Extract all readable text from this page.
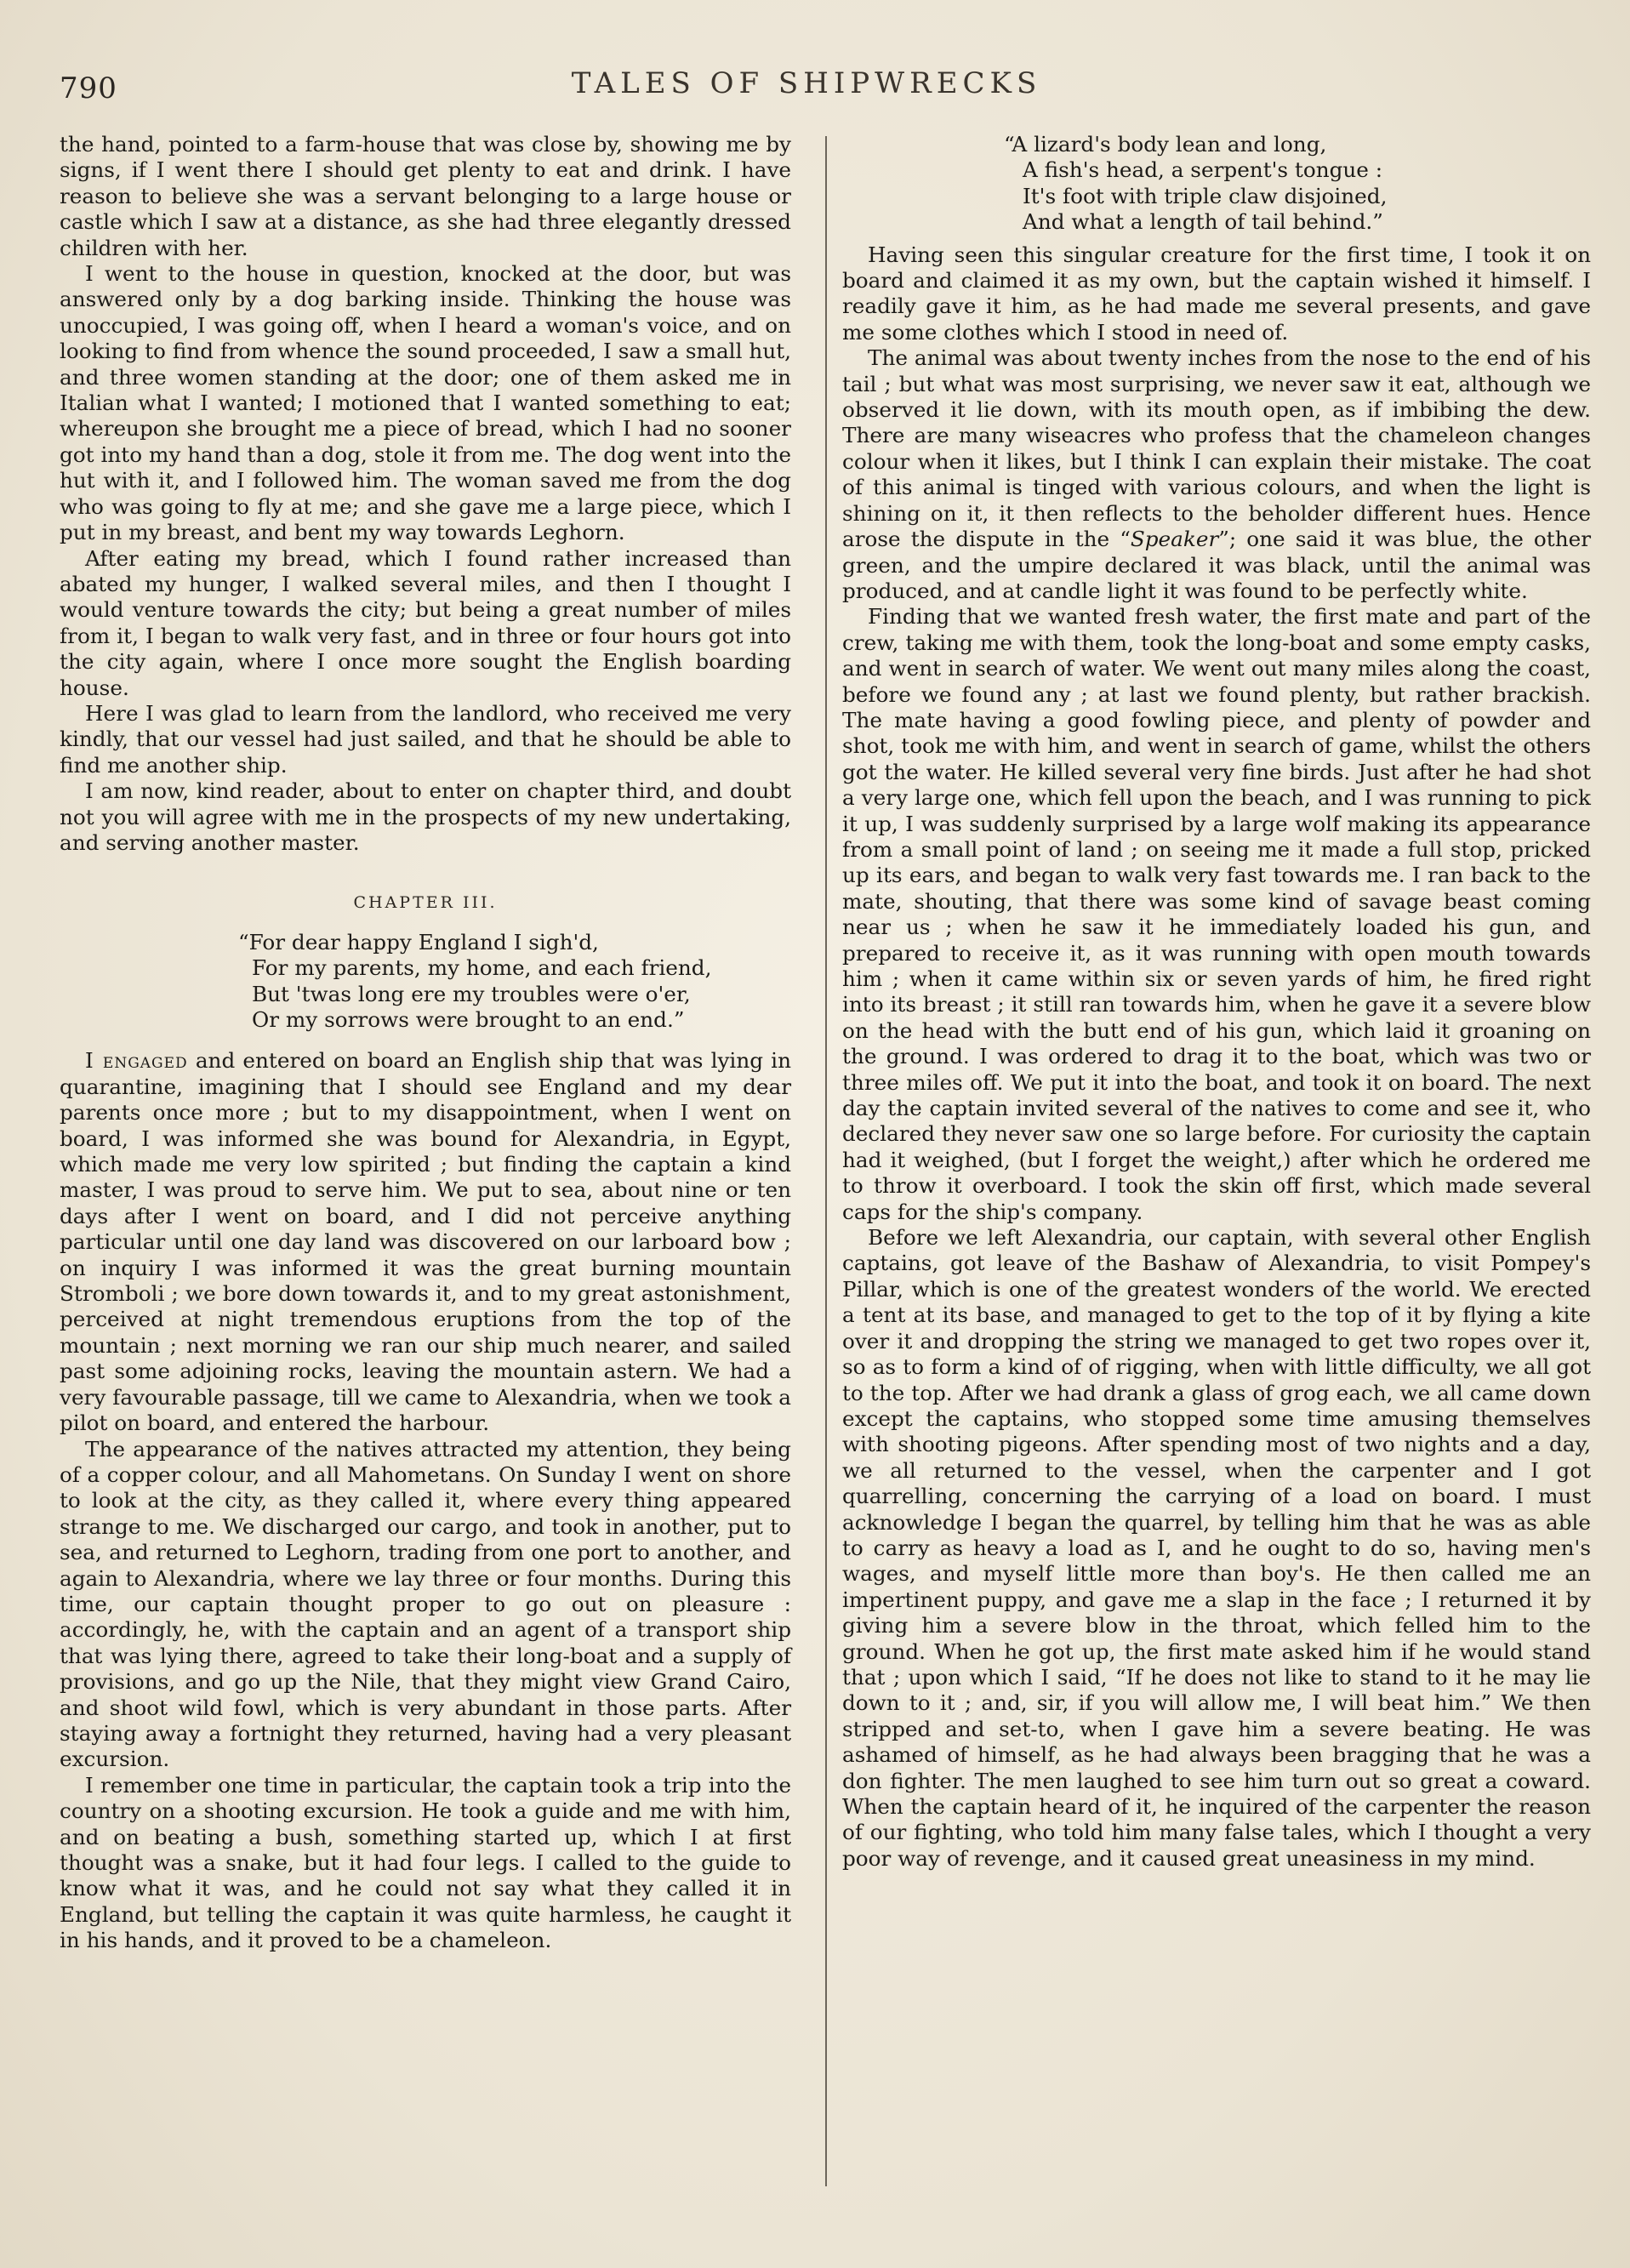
790	TALES OF SHIPWRECKS

the hand, pointed to a farm-house that was close by, showing me by signs, if I went there I should get plenty to eat and drink. I have reason to believe she was a servant belonging to a large house or castle which I saw at a distance, as she had three elegantly dressed children with her.

I went to the house in question, knocked at the door, but was answered only by a dog barking inside. Thinking the house was unoccupied, I was going off, when I heard a woman's voice, and on looking to find from whence the sound proceeded, I saw a small hut, and three women standing at the door; one of them asked me in Italian what I wanted; I motioned that I wanted something to eat; whereupon she brought me a piece of bread, which I had no sooner got into my hand than a dog, stole it from me. The dog went into the hut with it, and I followed him. The woman saved me from the dog who was going to fly at me; and she gave me a large piece, which I put in my breast, and bent my way towards Leghorn.

After eating my bread, which I found rather increased than abated my hunger, I walked several miles, and then I thought I would venture towards the city; but being a great number of miles from it, I began to walk very fast, and in three or four hours got into the city again, where I once more sought the English boarding house.

Here I was glad to learn from the landlord, who received me very kindly, that our vessel had just sailed, and that he should be able to find me another ship.

I am now, kind reader, about to enter on chapter third, and doubt not you will agree with me in the prospects of my new undertaking, and serving another master.

CHAPTER III.
“For dear happy England I sigh'd,
For my parents, my home, and each friend,
But 'twas long ere my troubles were o'er,
Or my sorrows were brought to an end.”

I engaged and entered on board an English ship that was lying in quarantine, imagining that I should see England and my dear parents once more ; but to my disappointment, when I went on board, I was informed she was bound for Alexandria, in Egypt, which made me very low spirited ; but finding the captain a kind master, I was proud to serve him. We put to sea, about nine or ten days after I went on board, and I did not perceive anything particular until one day land was discovered on our larboard bow ; on inquiry I was informed it was the great burning mountain Stromboli ; we bore down towards it, and to my great astonishment, perceived at night tremendous eruptions from the top of the mountain ; next morning we ran our ship much nearer, and sailed past some adjoining rocks, leaving the mountain astern. We had a very favourable passage, till we came to Alexandria, when we took a pilot on board, and entered the harbour.

The appearance of the natives attracted my attention, they being of a copper colour, and all Mahometans. On Sunday I went on shore to look at the city, as they called it, where every thing appeared strange to me. We discharged our cargo, and took in another, put to sea, and returned to Leghorn, trading from one port to another, and again to Alexandria, where we lay three or four months. During this time, our captain thought proper to go out on pleasure : accordingly, he, with the captain and an agent of a transport ship that was lying there, agreed to take their long-boat and a supply of provisions, and go up the Nile, that they might view Grand Cairo, and shoot wild fowl, which is very abundant in those parts. After staying away a fortnight they returned, having had a very pleasant excursion.

I remember one time in particular, the captain took a trip into the country on a shooting excursion. He took a guide and me with him, and on beating a bush, something started up, which I at first thought was a snake, but it had four legs. I called to the guide to know what it was, and he could not say what they called it in England, but telling the captain it was quite harmless, he caught it in his hands, and it proved to be a chameleon.

“A lizard's body lean and long,
A fish's head, a serpent's tongue :
It's foot with triple claw disjoined,
And what a length of tail behind.”

Having seen this singular creature for the first time, I took it on board and claimed it as my own, but the captain wished it himself. I readily gave it him, as he had made me several presents, and gave me some clothes which I stood in need of.

The animal was about twenty inches from the nose to the end of his tail ; but what was most surprising, we never saw it eat, although we observed it lie down, with its mouth open, as if imbibing the dew. There are many wiseacres who profess that the chameleon changes colour when it likes, but I think I can explain their mistake. The coat of this animal is tinged with various colours, and when the light is shining on it, it then reflects to the beholder different hues. Hence arose the dispute in the “Speaker”; one said it was blue, the other green, and the umpire declared it was black, until the animal was produced, and at candle light it was found to be perfectly white.

Finding that we wanted fresh water, the first mate and part of the crew, taking me with them, took the long-boat and some empty casks, and went in search of water. We went out many miles along the coast, before we found any ; at last we found plenty, but rather brackish. The mate having a good fowling piece, and plenty of powder and shot, took me with him, and went in search of game, whilst the others got the water. He killed several very fine birds. Just after he had shot a very large one, which fell upon the beach, and I was running to pick it up, I was suddenly surprised by a large wolf making its appearance from a small point of land ; on seeing me it made a full stop, pricked up its ears, and began to walk very fast towards me. I ran back to the mate, shouting, that there was some kind of savage beast coming near us ; when he saw it he immediately loaded his gun, and prepared to receive it, as it was running with open mouth towards him ; when it came within six or seven yards of him, he fired right into its breast ; it still ran towards him, when he gave it a severe blow on the head with the butt end of his gun, which laid it groaning on the ground. I was ordered to drag it to the boat, which was two or three miles off. We put it into the boat, and took it on board. The next day the captain invited several of the natives to come and see it, who declared they never saw one so large before. For curiosity the captain had it weighed, (but I forget the weight,) after which he ordered me to throw it overboard. I took the skin off first, which made several caps for the ship's company.

Before we left Alexandria, our captain, with several other English captains, got leave of the Bashaw of Alexandria, to visit Pompey's Pillar, which is one of the greatest wonders of the world. We erected a tent at its base, and managed to get to the top of it by flying a kite over it and dropping the string we managed to get two ropes over it, so as to form a kind of of rigging, when with little difficulty, we all got to the top. After we had drank a glass of grog each, we all came down except the captains, who stopped some time amusing themselves with shooting pigeons. After spending most of two nights and a day, we all returned to the vessel, when the carpenter and I got quarrelling, concerning the carrying of a load on board. I must acknowledge I began the quarrel, by telling him that he was as able to carry as heavy a load as I, and he ought to do so, having men's wages, and myself little more than boy's. He then called me an impertinent puppy, and gave me a slap in the face ; I returned it by giving him a severe blow in the throat, which felled him to the ground. When he got up, the first mate asked him if he would stand that ; upon which I said, “If he does not like to stand to it he may lie down to it ; and, sir, if you will allow me, I will beat him.” We then stripped and set-to, when I gave him a severe beating. He was ashamed of himself, as he had always been bragging that he was a don fighter. The men laughed to see him turn out so great a coward. When the captain heard of it, he inquired of the carpenter the reason of our fighting, who told him many false tales, which I thought a very poor way of revenge, and it caused great uneasiness in my mind.
